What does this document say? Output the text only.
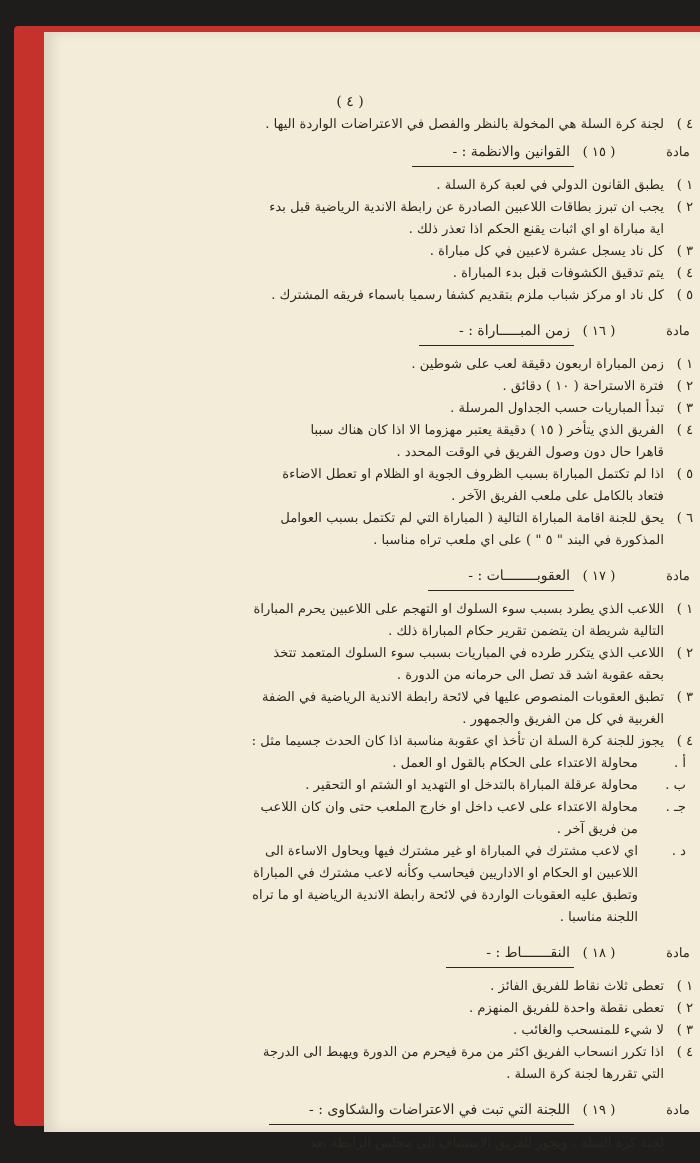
( ٤ )
٤ )
لجنة كرة السلة هي المخولة بالنظر والفصل في الاعتراضات الواردة اليها .
مادة
( ١٥ )
القوانين والانظمة : -
١ )
يطبق القانون الدولي في لعبة كرة السلة .
٢ )
يجب ان تبرز بطاقات اللاعبين الصادرة عن رابطة الاندية الرياضية قبل بدء
اية مباراة او اي اثبات يقنع الحكم اذا تعذر ذلك .
٣ )
كل ناد يسجل عشرة لاعبين في كل مباراة .
٤ )
يتم تدقيق الكشوفات قبل بدء المباراة .
٥ )
كل ناد او مركز شباب ملزم بتقديم كشفا رسميا باسماء فريقه المشترك .
مادة
( ١٦ )
زمن المبـــــاراة : -
١ )
زمن المباراة اربعون دقيقة لعب على شوطين .
٢ )
فترة الاستراحة ( ١٠ ) دقائق .
٣ )
تبدأ المباريات حسب الجداول المرسلة .
٤ )
الفريق الذي يتأخر ( ١٥ ) دقيقة يعتبر مهزوما الا اذا كان هناك سببا
قاهرا حال دون وصول الفريق في الوقت المحدد .
٥ )
اذا لم تكتمل المباراة بسبب الظروف الجوية او الظلام او تعطل الاضاءة
فتعاد بالكامل على ملعب الفريق الآخر .
٦ )
يحق للجنة اقامة المباراة التالية ( المباراة التي لم تكتمل بسبب العوامل
المذكورة في البند " ٥ " ) على اي ملعب تراه مناسبا .
مادة
( ١٧ )
العقوبــــــــات : -
١ )
اللاعب الذي يطرد بسبب سوء السلوك او التهجم على اللاعبين يحرم المباراة
التالية شريطة ان يتضمن تقرير حكام المباراة ذلك .
٢ )
اللاعب الذي يتكرر طرده في المباريات بسبب سوء السلوك المتعمد تتخذ
بحقه عقوبة اشد قد تصل الى حرمانه من الدورة .
٣ )
تطبق العقوبات المنصوص عليها في لائحة رابطة الاندية الرياضية في الضفة
الغربية في كل من الفريق والجمهور .
٤ )
يجوز للجنة كرة السلة ان تأخذ اي عقوبة مناسبة اذا كان الحدث جسيما مثل :
أ .
محاولة الاعتداء على الحكام بالقول او العمل .
ب .
محاولة عرقلة المباراة بالتدخل او التهديد او الشتم او التحقير .
جـ .
محاولة الاعتداء على لاعب داخل او خارج الملعب حتى وان كان اللاعب
من فريق آخر .
د .
اي لاعب مشترك في المباراة او غير مشترك فيها ويحاول الاساءة الى
اللاعبين او الحكام او الاداريين فيحاسب وكأنه لاعب مشترك في المباراة
وتطبق عليه العقوبات الواردة في لائحة رابطة الاندية الرياضية او ما تراه
اللجنة مناسبا .
مادة
( ١٨ )
النقـــــــاط : -
١ )
تعطى ثلاث نقاط للفريق الفائز .
٢ )
تعطى نقطة واحدة للفريق المنهزم .
٣ )
لا شيء للمنسحب والغائب .
٤ )
اذا تكرر انسحاب الفريق اكثر من مرة فيحرم من الدورة ويهبط الى الدرجة
التي تقررها لجنة كرة السلة .
مادة
( ١٩ )
اللجنة التي تبت في الاعتراضات والشكاوى : -
لجنة كرة السلة ، ويجوز للفريق الاستئناف الى مجلس الرابطة بعد
